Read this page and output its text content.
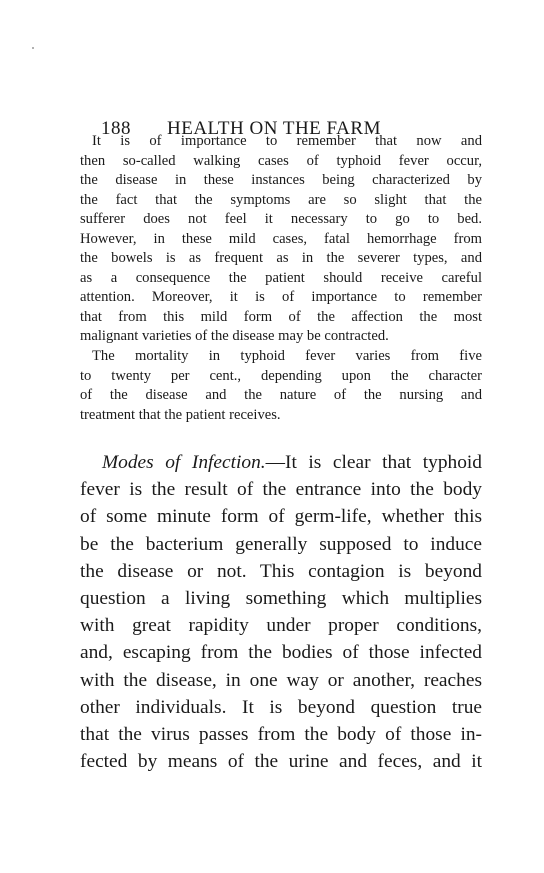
188 HEALTH ON THE FARM

It is of importance to remember that now and
then so-called walking cases of typhoid fever occur,
the disease in these instances being characterized by
the fact that the symptoms are so slight that the
sufferer does not feel it necessary to go to bed.
However, in these mild cases, fatal hemorrhage from
the bowels is as frequent as in the severer types, and
as a consequence the patient should receive careful
attention. Moreover, it is of importance to remember
that from this mild form of the affection the most
malignant varieties of the disease may be contracted.
The mortality in typhoid fever varies from five
to twenty per cent., depending upon the character
of the disease and the nature of the nursing and
treatment that the patient receives.
Modes of Infection.—It is clear that typhoid
fever is the result of the entrance into the body
of some minute form of germ-life, whether this
be the bacterium generally supposed to induce
the disease or not. This contagion is beyond
question a living something which multiplies
with great rapidity under proper conditions,
and, escaping from the bodies of those infected
with the disease, in one way or another, reaches
other individuals. It is beyond question true
that the virus passes from the body of those in-
fected by means of the urine and feces, and it
